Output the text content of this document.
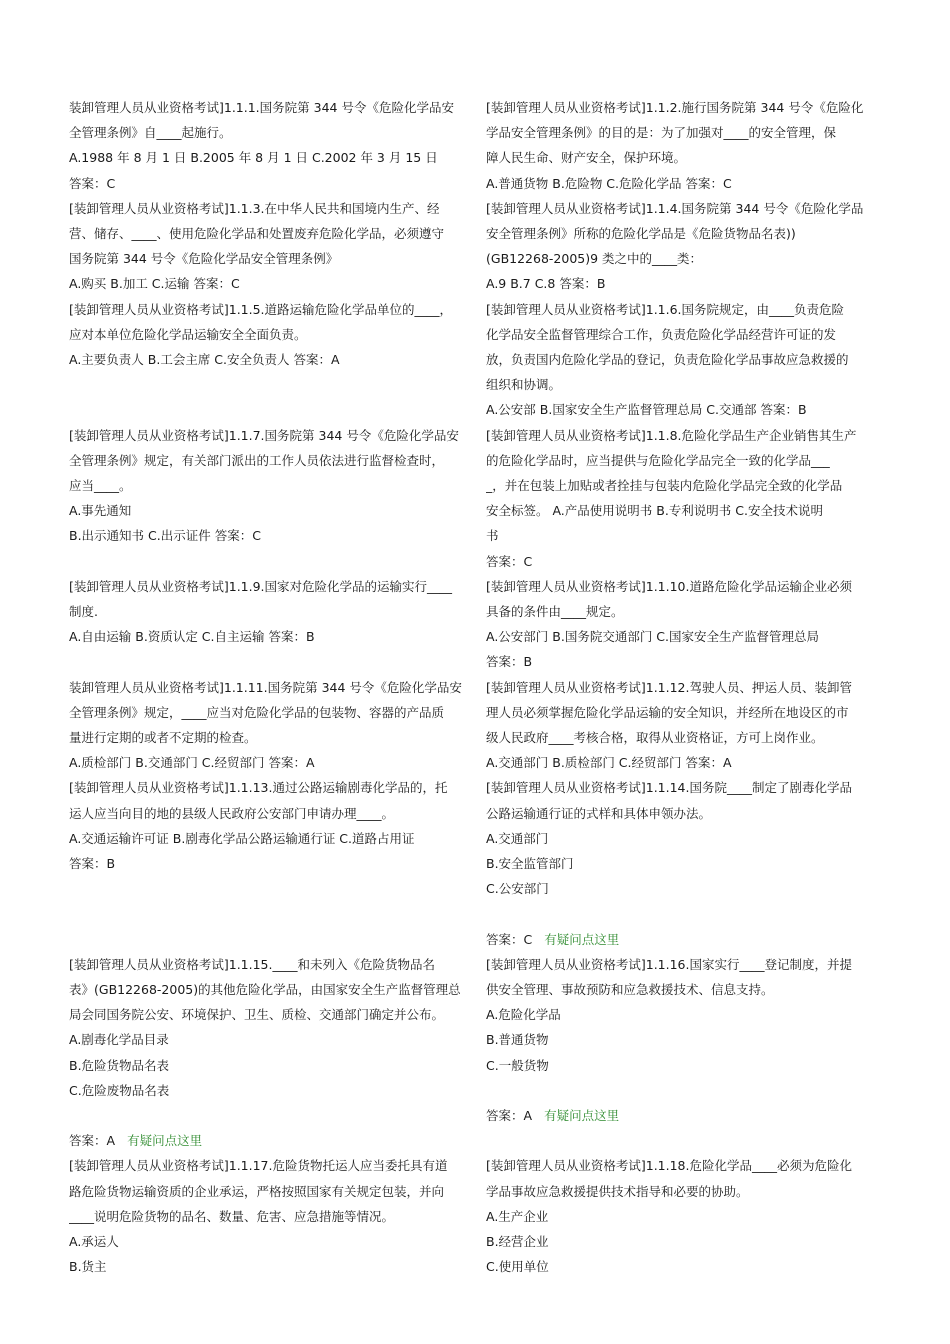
装卸管理人员从业资格考试]1.1.1.国务院第 344 号令《危险化学品安
全管理条例》自____起施行。
A.1988 年 8 月 1 日 B.2005 年 8 月 1 日 C.2002 年 3 月 15 日
答案：C
[装卸管理人员从业资格考试]1.1.2.施行国务院第 344 号令《危险化
学品安全管理条例》的目的是：为了加强对____的安全管理，保
障人民生命、财产安全，保护环境。
A.普通货物 B.危险物 C.危险化学品 答案：C
[装卸管理人员从业资格考试]1.1.3.在中华人民共和国境内生产、经
营、储存、____、使用危险化学品和处置废弃危险化学品，必须遵守
国务院第 344 号令《危险化学品安全管理条例》
A.购买 B.加工 C.运输 答案：C
[装卸管理人员从业资格考试]1.1.4.国务院第 344 号令《危险化学品
安全管理条例》所称的危险化学品是《危险货物品名表))
(GB12268-2005)9 类之中的____类：
A.9 B.7 C.8 答案：B
[装卸管理人员从业资格考试]1.1.5.道路运输危险化学品单位的____，
应对本单位危险化学品运输安全全面负责。
A.主要负责人 B.工会主席 C.安全负责人 答案：A
[装卸管理人员从业资格考试]1.1.6.国务院规定，由____负责危险
化学品安全监督管理综合工作，负责危险化学品经营许可证的发
放，负责国内危险化学品的登记，负责危险化学品事故应急救援的
组织和协调。
A.公安部 B.国家安全生产监督管理总局 C.交通部 答案：B
[装卸管理人员从业资格考试]1.1.7.国务院第 344 号令《危险化学品安
全管理条例》规定，有关部门派出的工作人员依法进行监督检查时，
应当____。
A.事先通知
B.出示通知书 C.出示证件 答案：C
[装卸管理人员从业资格考试]1.1.8.危险化学品生产企业销售其生产
的危险化学品时，应当提供与危险化学品完全一致的化学品___
_，并在包装上加贴或者拴挂与包装内危险化学品完全致的化学品
安全标签。 A.产品使用说明书 B.专利说明书 C.安全技术说明
书
答案：C
[装卸管理人员从业资格考试]1.1.9.国家对危险化学品的运输实行____
制度.
A.自由运输 B.资质认定 C.自主运输 答案：B
[装卸管理人员从业资格考试]1.1.10.道路危险化学品运输企业必须
具备的条件由____规定。
A.公安部门 B.国务院交通部门 C.国家安全生产监督管理总局
答案：B
装卸管理人员从业资格考试]1.1.11.国务院第 344 号令《危险化学品安
全管理条例》规定，____应当对危险化学品的包装物、容器的产品质
量进行定期的或者不定期的检查。
A.质检部门 B.交通部门 C.经贸部门 答案：A
[装卸管理人员从业资格考试]1.1.12.驾驶人员、押运人员、装卸管
理人员必须掌握危险化学品运输的安全知识，并经所在地设区的市
级人民政府____考核合格，取得从业资格证，方可上岗作业。
A.交通部门 B.质检部门 C.经贸部门 答案：A
[装卸管理人员从业资格考试]1.1.13.通过公路运输剧毒化学品的，托
运人应当向目的地的县级人民政府公安部门申请办理____。
A.交通运输许可证 B.剧毒化学品公路运输通行证 C.道路占用证
答案：B
[装卸管理人员从业资格考试]1.1.14.国务院____制定了剧毒化学品
公路运输通行证的式样和具体申领办法。
A.交通部门
B.安全监管部门
C.公安部门
答案：C 有疑问点这里
[装卸管理人员从业资格考试]1.1.15.____和未列入《危险货物品名
表》(GB12268-2005)的其他危险化学品，由国家安全生产监督管理总
局会同国务院公安、环境保护、卫生、质检、交通部门确定并公布。
A.剧毒化学品目录
B.危险货物品名表
C.危险废物品名表
答案：A 有疑问点这里
[装卸管理人员从业资格考试]1.1.16.国家实行____登记制度，并提
供安全管理、事故预防和应急救援技术、信息支持。
A.危险化学品
B.普通货物
C.一般货物
答案：A 有疑问点这里
[装卸管理人员从业资格考试]1.1.17.危险货物托运人应当委托具有道
路危险货物运输资质的企业承运，严格按照国家有关规定包装，并向
____说明危险货物的品名、数量、危害、应急措施等情况。
A.承运人
B.货主
[装卸管理人员从业资格考试]1.1.18.危险化学品____必须为危险化
学品事故应急救援提供技术指导和必要的协助。
A.生产企业
B.经营企业
C.使用单位
